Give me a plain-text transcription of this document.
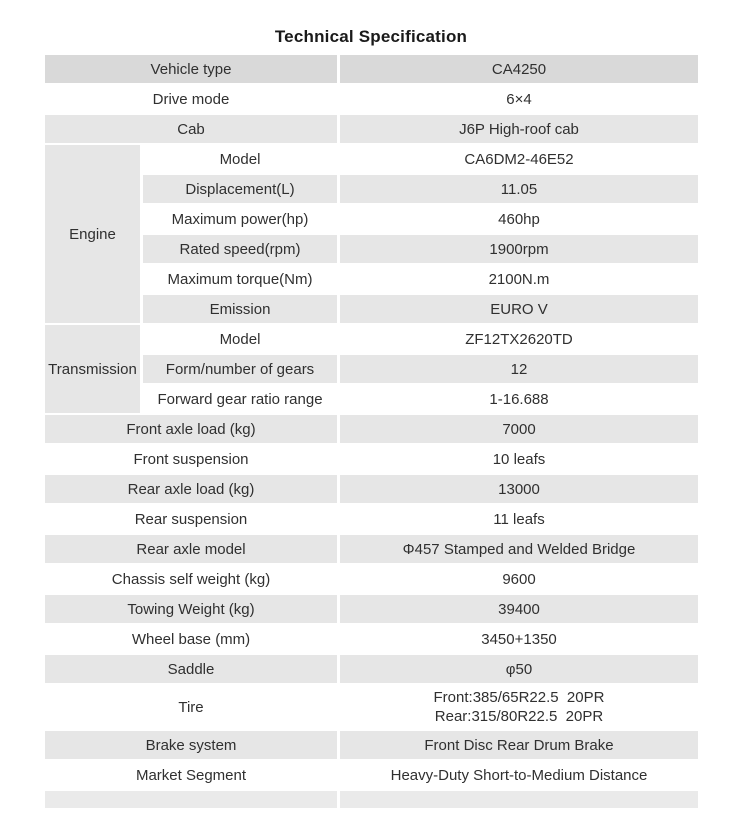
Technical Specification
Vehicle type		CA4250
Drive mode		6×4
Cab		J6P High-roof cab
Engine	Model	CA6DM2-46E52
	Displacement(L)	11.05
	Maximum power(hp)	460hp
	Rated speed(rpm)	1900rpm
	Maximum torque(Nm)	2100N.m
	Emission	EURO V
Transmission	Model	ZF12TX2620TD
	Form/number of gears	12
	Forward gear ratio range	1-16.688
Front axle load (kg)		7000
Front suspension		10 leafs
Rear axle load (kg)		13000
Rear suspension		11 leafs
Rear axle model		Φ457 Stamped and Welded Bridge
Chassis self weight (kg)		9600
Towing Weight (kg)		39400
Wheel base (mm)		3450+1350
Saddle		φ50
Tire		Front:385/65R22.5  20PR
Rear:315/80R22.5  20PR

Brake system		Front Disc Rear Drum Brake
Market Segment		Heavy-Duty Short-to-Medium Distance
